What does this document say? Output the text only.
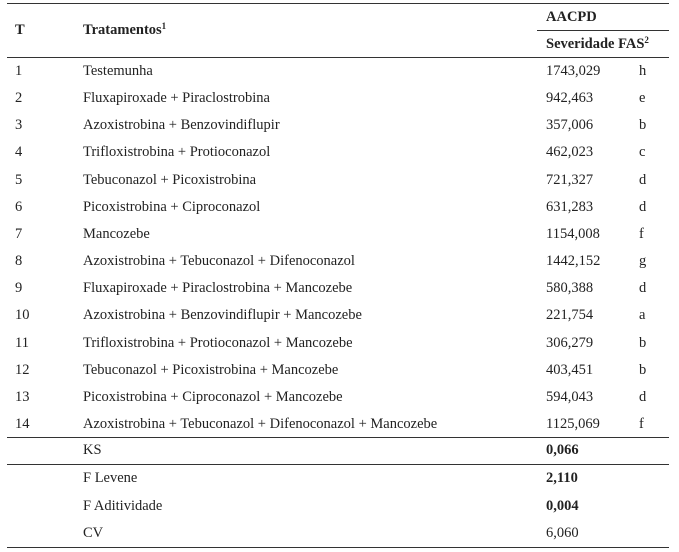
T	Tratamentos$^1$
AACPD
Severidade FAS$^2$
1	Testemunha	1743,029	h
2	Fluxapiroxade + Piraclostrobina	942,463	e
3	Azoxistrobina + Benzovindiflupir	357,006	b
4	Trifloxistrobina + Protioconazol	462,023	c
5	Tebuconazol + Picoxistrobina	721,327	d
6	Picoxistrobina + Ciproconazol	631,283	d
7	Mancozebe	1154,008	f
8	Azoxistrobina + Tebuconazol + Difenoconazol	1442,152	g
9	Fluxapiroxade + Piraclostrobina + Mancozebe	580,388	d
10	Azoxistrobina + Benzovindiflupir + Mancozebe	221,754	a
11	Trifloxistrobina + Protioconazol + Mancozebe	306,279	b
12	Tebuconazol + Picoxistrobina + Mancozebe	403,451	b
13	Picoxistrobina + Ciproconazol + Mancozebe	594,043	d
14	Azoxistrobina + Tebuconazol + Difenoconazol + Mancozebe	1125,069	f
KS	0,066
F Levene	2,110
F Aditividade	0,004
CV	6,060
